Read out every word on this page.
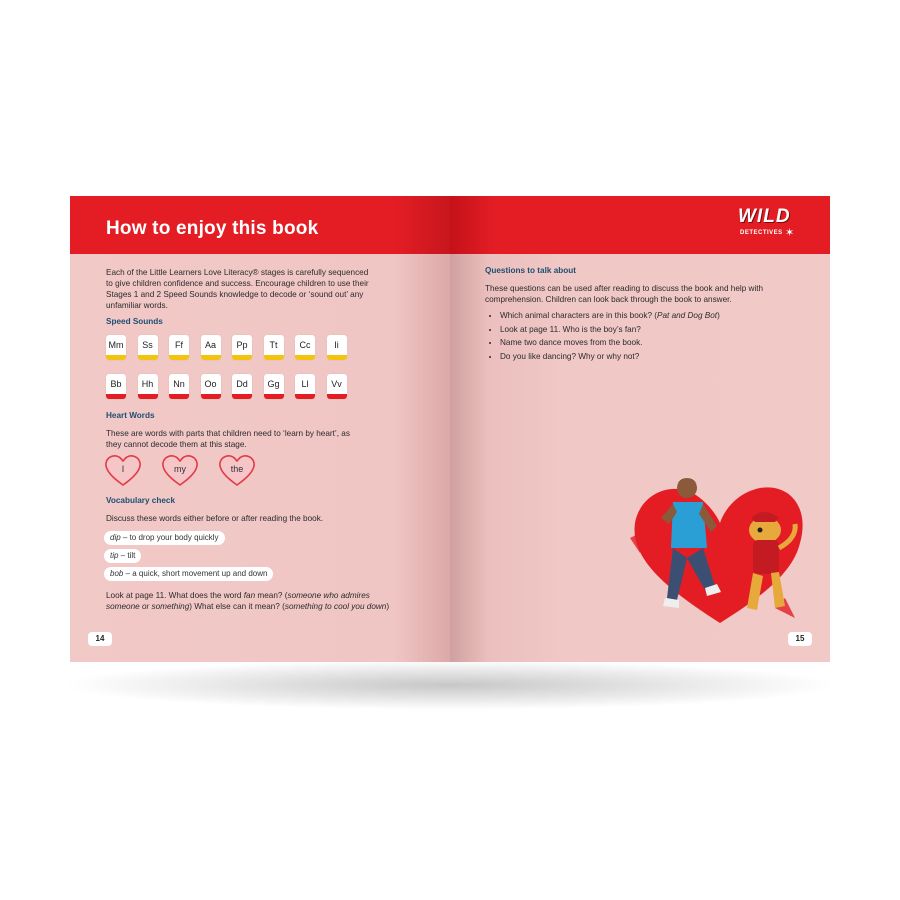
How to enjoy this book
Each of the Little Learners Love Literacy® stages is carefully sequenced
to give children confidence and success. Encourage children to use their
Stages 1 and 2 Speed Sounds knowledge to decode or ‘sound out’ any
unfamiliar words.
Speed Sounds
Mm	Ss	Ff	Aa	Pp	Tt	Cc	Ii
Bb	Hh	Nn	Oo	Dd	Gg	Ll	Vv
Heart Words
These are words with parts that children need to ‘learn by heart’, as
they cannot decode them at this stage.
I	my	the
Vocabulary check
Discuss these words either before or after reading the book.
dip – to drop your body quickly
tip – tilt
bob – a quick, short movement up and down
Look at page 11. What does the word fan mean? (someone who admires
someone or something) What else can it mean? (something to cool you down)
14
WILD
DETECTIVES ✶
Questions to talk about
These questions can be used after reading to discuss the book and help with
comprehension. Children can look back through the book to answer.
• Which animal characters are in this book? (Pat and Dog Bot)
• Look at page 11. Who is the boy’s fan?
• Name two dance moves from the book.
• Do you like dancing? Why or why not?
15
